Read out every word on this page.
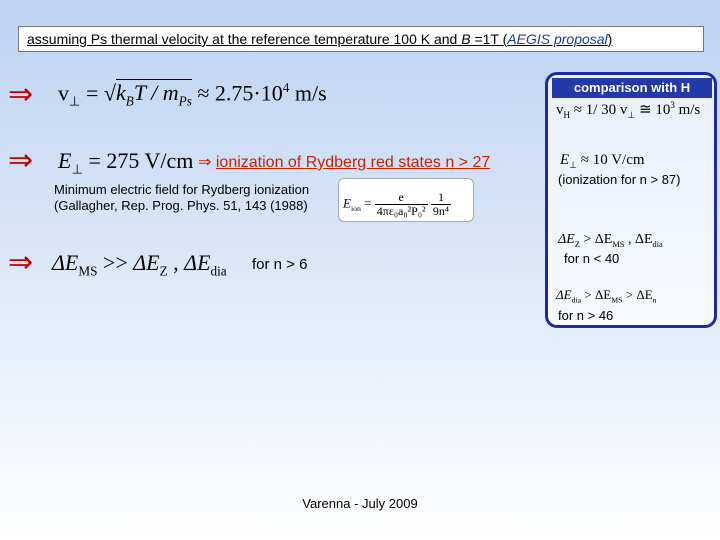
assuming Ps thermal velocity at the reference temperature 100 K and B =1T (AEGIS proposal)
⇒ $v_\perp = √k_BT / m_{Ps} \approx 2.75\cdot 10^4$ m/s
⇒ $E_\perp = 275$ V/cm ⇒ ionization of Rydberg red states n > 27
Minimum electric field for Rydberg ionization
(Gallagher, Rep. Prog. Phys. 51, 143 (1988)	$E_{ion} = \frac{e}{\text{4πε₀a₀²P₀²}}$
$\frac{1}{\text{9n⁴}}$
⇒ $\Delta E_{MS} >> \Delta E_Z$ , $\Delta E_{dia}$ for n > 6
comparison with H
$v_H \approx 1/$ 30 $v_\perp$ ≅ $10^3$ m/s
$E_\perp \approx 10$ V/cm
(ionization for n > 87)
$\Delta E_Z > \Delta E_{MS}$ , $\Delta E_{dia}$
for n < 40
$\Delta E_{dia} > \Delta E_{MS} > \Delta E_n$
for n > 46
Varenna - July 2009
